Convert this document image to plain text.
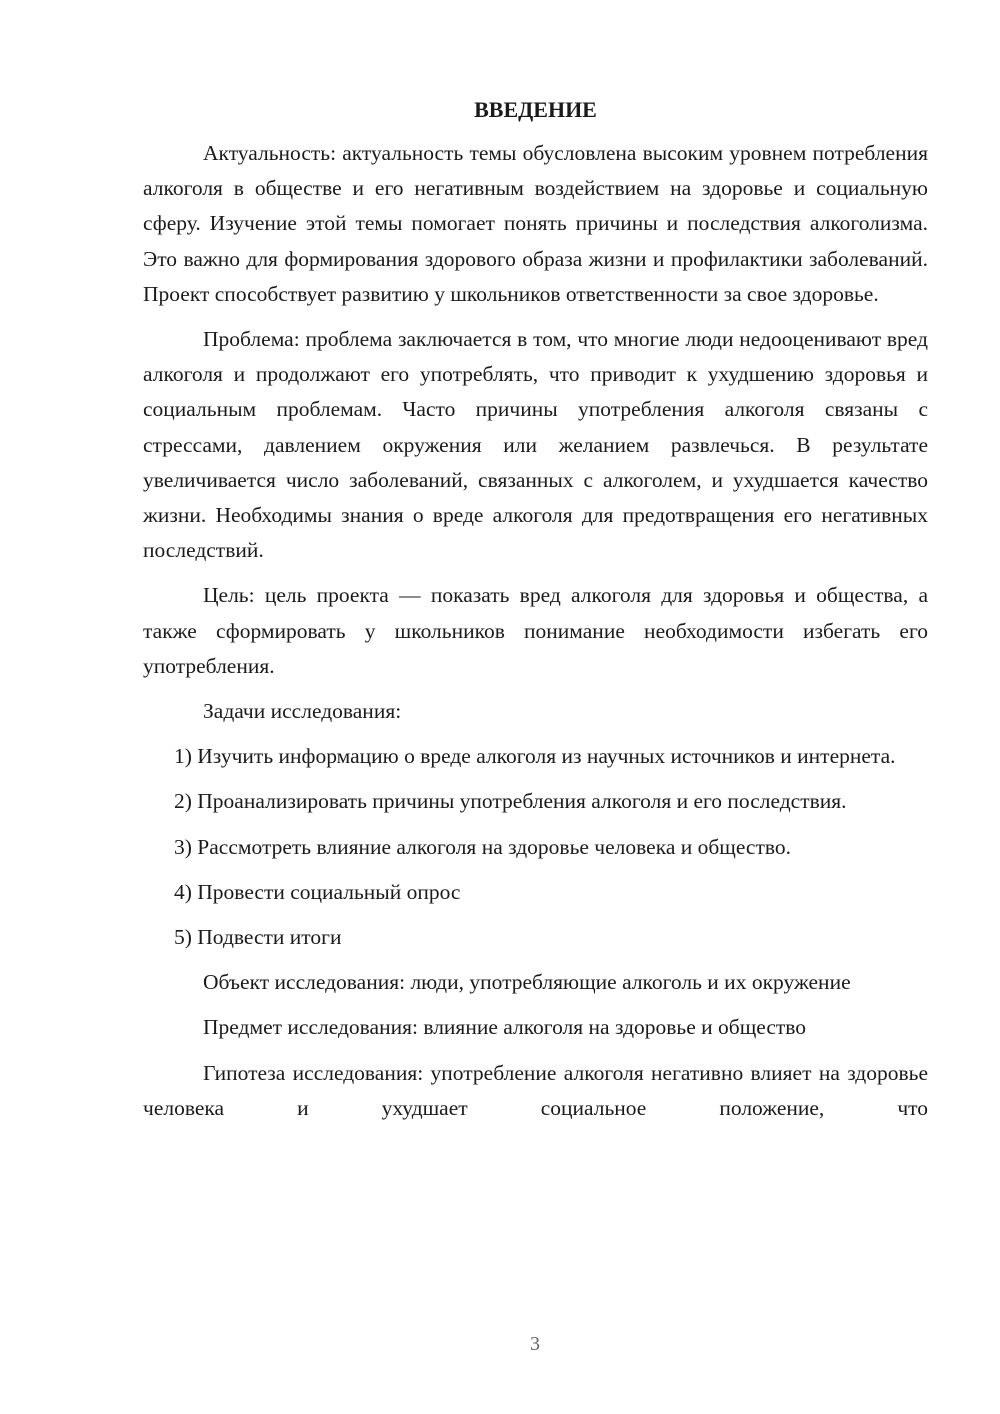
ВВЕДЕНИЕ

Актуальность: актуальность темы обусловлена высоким уровнем потребления алкоголя в обществе и его негативным воздействием на здоровье и социальную сферу. Изучение этой темы помогает понять причины и последствия алкоголизма. Это важно для формирования здорового образа жизни и профилактики заболеваний. Проект способствует развитию у школьников ответственности за свое здоровье.

Проблема: проблема заключается в том, что многие люди недооценивают вред алкоголя и продолжают его употреблять, что приводит к ухудшению здоровья и социальным проблемам. Часто причины употребления алкоголя связаны с стрессами, давлением окружения или желанием развлечься. В результате увеличивается число заболеваний, связанных с алкоголем, и ухудшается качество жизни. Необходимы знания о вреде алкоголя для предотвращения его негативных последствий.

Цель: цель проекта — показать вред алкоголя для здоровья и общества, а также сформировать у школьников понимание необходимости избегать его употребления.

Задачи исследования:

1) Изучить информацию о вреде алкоголя из научных источников и интернета.

2) Проанализировать причины употребления алкоголя и его последствия.

3) Рассмотреть влияние алкоголя на здоровье человека и общество.

4) Провести социальный опрос

5) Подвести итоги

Объект исследования: люди, употребляющие алкоголь и их окружение

Предмет исследования: влияние алкоголя на здоровье и общество

Гипотеза исследования: употребление алкоголя негативно влияет на здоровье человека и ухудшает социальное положение, что

3
